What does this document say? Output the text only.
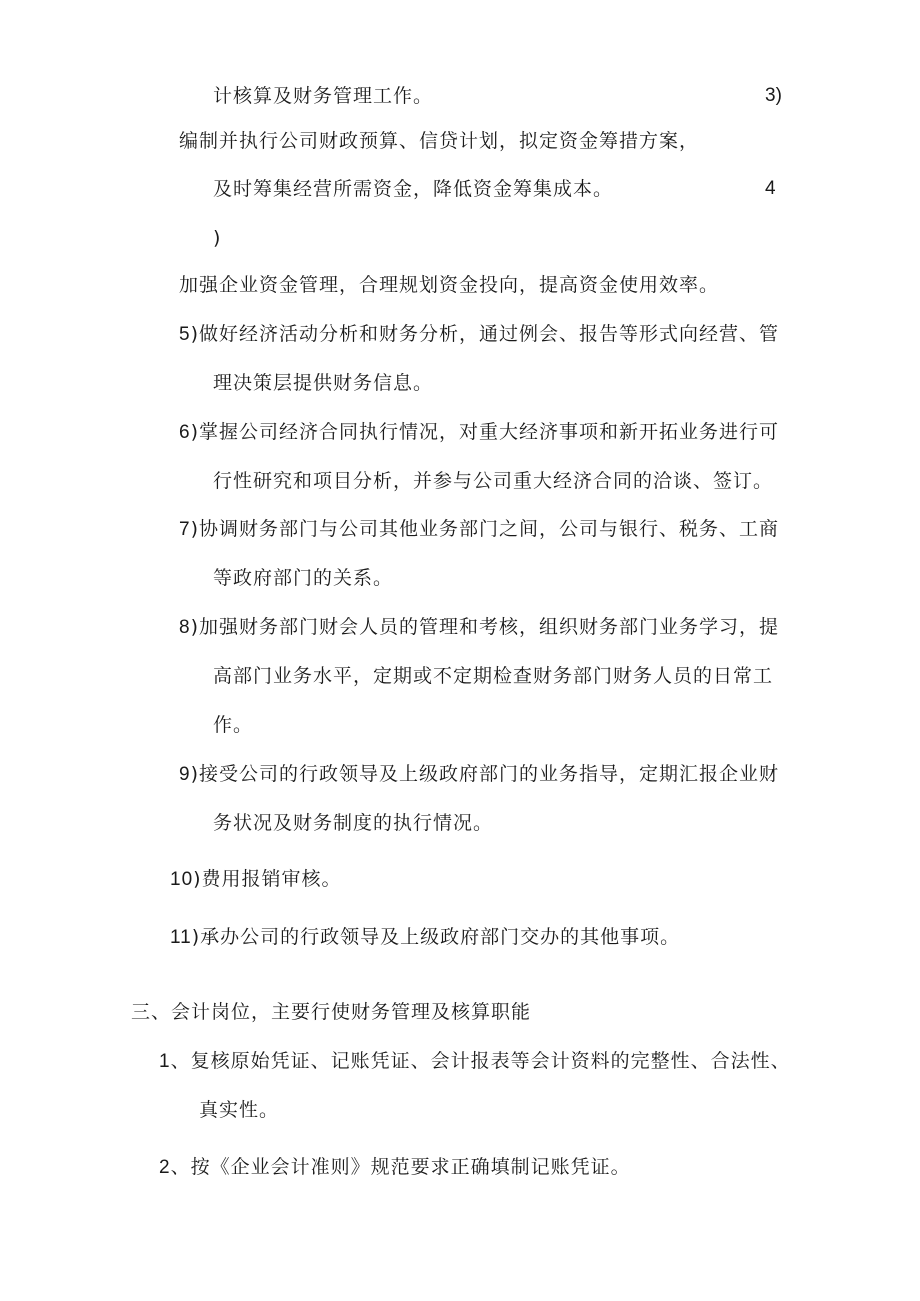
计核算及财务管理工作。	3)
编制并执行公司财政预算、信贷计划，拟定资金筹措方案，
及时筹集经营所需资金，降低资金筹集成本。	4
)
加强企业资金管理，合理规划资金投向，提高资金使用效率。
5)做好经济活动分析和财务分析，通过例会、报告等形式向经营、管
理决策层提供财务信息。
6)掌握公司经济合同执行情况，对重大经济事项和新开拓业务进行可
行性研究和项目分析，并参与公司重大经济合同的洽谈、签订。
7)协调财务部门与公司其他业务部门之间，公司与银行、税务、工商
等政府部门的关系。
8)加强财务部门财会人员的管理和考核，组织财务部门业务学习，提
高部门业务水平，定期或不定期检查财务部门财务人员的日常工
作。
9)接受公司的行政领导及上级政府部门的业务指导，定期汇报企业财
务状况及财务制度的执行情况。
10)费用报销审核。
11)承办公司的行政领导及上级政府部门交办的其他事项。
三、会计岗位，主要行使财务管理及核算职能
1、复核原始凭证、记账凭证、会计报表等会计资料的完整性、合法性、
真实性。
2、按《企业会计准则》规范要求正确填制记账凭证。
